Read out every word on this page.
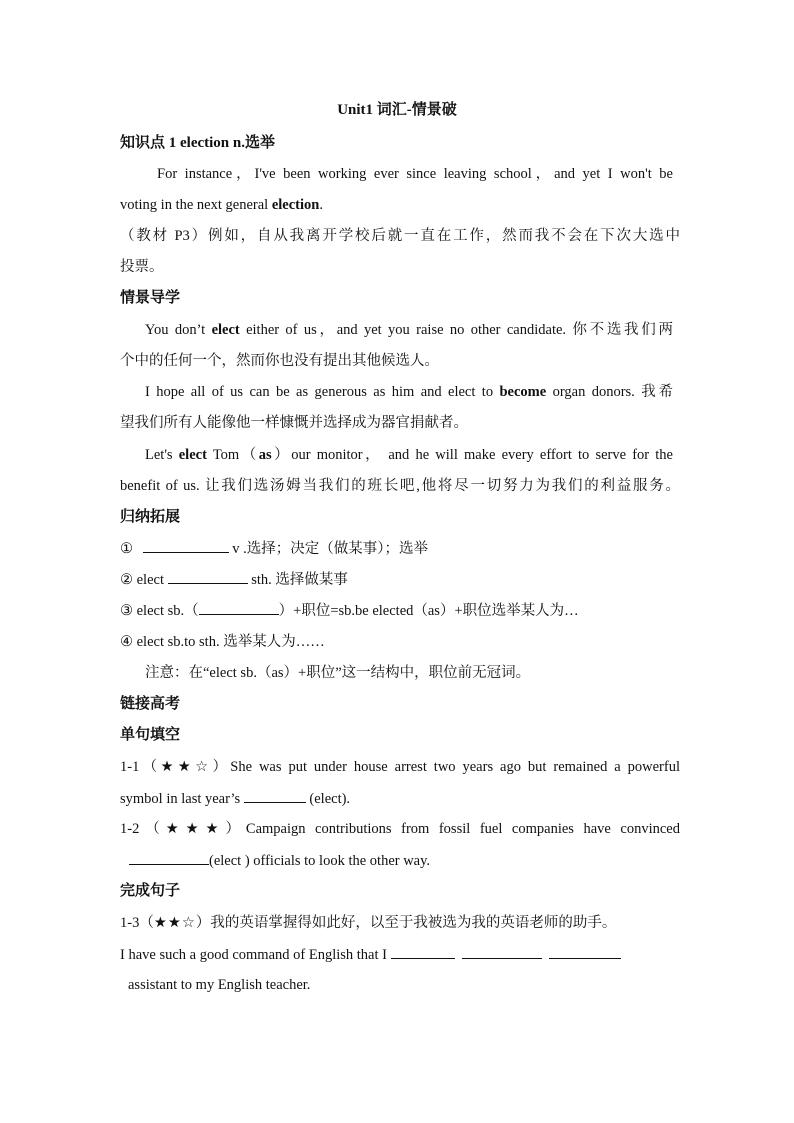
Unit1 词汇-情景破
知识点 1 election n.选举
For instance，I've been working ever since leaving school，and yet I won't be
voting in the next general election.
（教材 P3）例如，自从我离开学校后就一直在工作，然而我不会在下次大选中
投票。
情景导学
You don’t elect either of us，and yet you raise no other candidate. 你不选我们两
个中的任何一个，然而你也没有提出其他候选人。
I hope all of us can be as generous as him and elect to become organ donors. 我希
望我们所有人能像他一样慷慨并选择成为器官捐献者。
Let's elect Tom（as）our monitor， and he will make every effort to serve for the
benefit of us. 让我们选汤姆当我们的班长吧,他将尽一切努力为我们的利益服务。
归纳拓展
①	v .选择；决定（做某事）；选举
② elect	sth. 选择做某事
③ elect sb.（	）+职位=sb.be elected（as）+职位选举某人为…
④ elect sb.to sth. 选举某人为……
注意：在“elect sb.（as）+职位”这一结构中，职位前无冠词。
链接高考
单句填空
1-1（★★☆）She was put under house arrest two years ago but remained a powerful
symbol in last year’s	(elect).
1-2（★★★）Campaign contributions from fossil fuel companies have convinced
(elect ) officials to look the other way.
完成句子
1-3（★★☆）我的英语掌握得如此好，以至于我被选为我的英语老师的助手。
I have such a good command of English that I
assistant to my English teacher.
